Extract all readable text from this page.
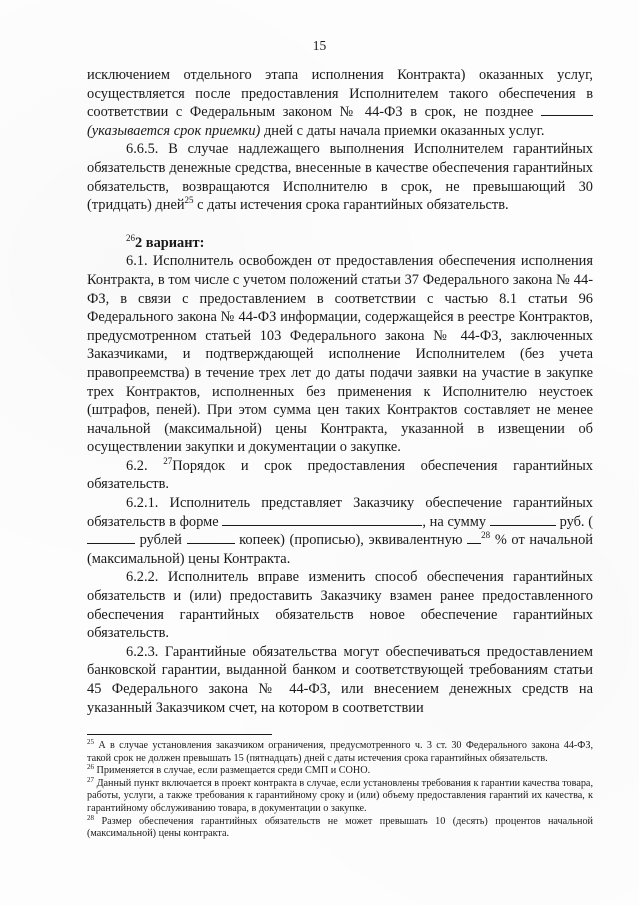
15

исключением отдельного этапа исполнения Контракта) оказанных услуг, осуществляется после предоставления Исполнителем такого обеспечения в соответствии с Федеральным законом № 44-ФЗ в срок, не позднее  (указывается срок приемки) дней с даты начала приемки оказанных услуг.

6.6.5. В случае надлежащего выполнения Исполнителем гарантийных обязательств денежные средства, внесенные в качестве обеспечения гарантийных обязательств, возвращаются Исполнителю в срок, не превышающий 30 (тридцать) дней$^{25}$ с даты истечения срока гарантийных обязательств.

$^{26}$2 вариант:

6.1. Исполнитель освобожден от предоставления обеспечения исполнения Контракта, в том числе с учетом положений статьи 37 Федерального закона № 44-ФЗ, в связи с предоставлением в соответствии с частью 8.1 статьи 96 Федерального закона № 44-ФЗ информации, содержащейся в реестре Контрактов, предусмотренном статьей 103 Федерального закона № 44-ФЗ, заключенных Заказчиками, и подтверждающей исполнение Исполнителем (без учета правопреемства) в течение трех лет до даты подачи заявки на участие в закупке трех Контрактов, исполненных без применения к Исполнителю неустоек (штрафов, пеней). При этом сумма цен таких Контрактов составляет не менее начальной (максимальной) цены Контракта, указанной в извещении об осуществлении закупки и документации о закупке.

6.2. $^{27}$Порядок и срок предоставления обеспечения гарантийных обязательств.

6.2.1. Исполнитель представляет Заказчику обеспечение гарантийных обязательств в форме	, на сумму	руб. ( рублей	копеек) (прописью), эквивалентную $^{28}$ % от начальной (максимальной) цены Контракта.

6.2.2. Исполнитель вправе изменить способ обеспечения гарантийных обязательств и (или) предоставить Заказчику взамен ранее предоставленного обеспечения гарантийных обязательств новое обеспечение гарантийных обязательств.

6.2.3. Гарантийные обязательства могут обеспечиваться предоставлением банковской гарантии, выданной банком и соответствующей требованиям статьи 45 Федерального закона № 44-ФЗ, или внесением денежных средств на указанный Заказчиком счет, на котором в соответствии

$^{25}$ А в случае установления заказчиком ограничения, предусмотренного ч. 3 ст. 30 Федерального закона 44-ФЗ, такой срок не должен превышать 15 (пятнадцать) дней с даты истечения срока гарантийных обязательств.

$^{26}$ Применяется в случае, если размещается среди СМП и СОНО.

$^{27}$ Данный пункт включается в проект контракта в случае, если установлены требования к гарантии качества товара, работы, услуги, а также требования к гарантийному сроку и (или) объему предоставления гарантий их качества, к гарантийному обслуживанию товара, в документации о закупке.

$^{28}$ Размер обеспечения гарантийных обязательств не может превышать 10 (десять) процентов начальной (максимальной) цены контракта.
